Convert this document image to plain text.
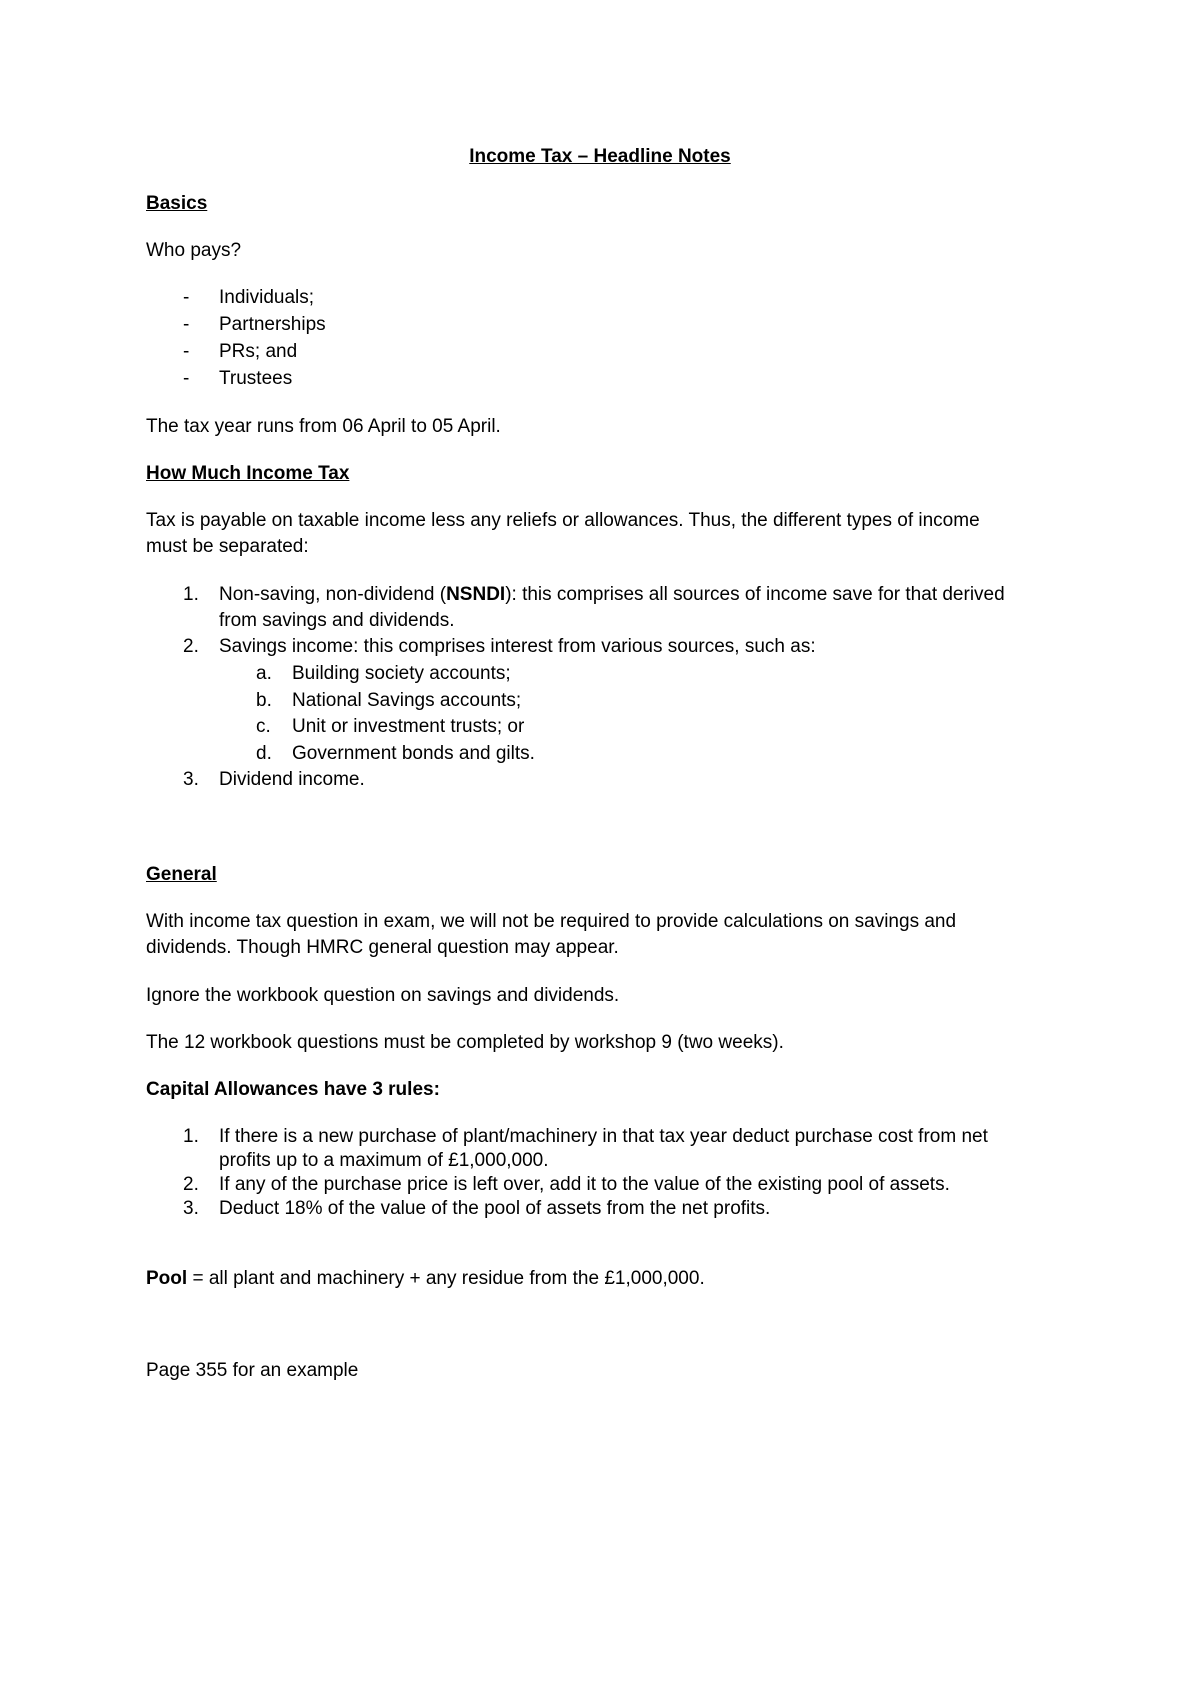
Income Tax – Headline Notes
Basics
Who pays?
- Individuals;
- Partnerships
- PRs; and
- Trustees
The tax year runs from 06 April to 05 April.
How Much Income Tax
Tax is payable on taxable income less any reliefs or allowances. Thus, the different types of income
must be separated:
1. Non-saving, non-dividend (NSNDI): this comprises all sources of income save for that derived
from savings and dividends.
2. Savings income: this comprises interest from various sources, such as:
a. Building society accounts;
b. National Savings accounts;
c. Unit or investment trusts; or
d. Government bonds and gilts.
3. Dividend income.
General
With income tax question in exam, we will not be required to provide calculations on savings and
dividends. Though HMRC general question may appear.
Ignore the workbook question on savings and dividends.
The 12 workbook questions must be completed by workshop 9 (two weeks).
Capital Allowances have 3 rules:
1. If there is a new purchase of plant/machinery in that tax year deduct purchase cost from net
profits up to a maximum of £1,000,000.
2. If any of the purchase price is left over, add it to the value of the existing pool of assets.
3. Deduct 18% of the value of the pool of assets from the net profits.
Pool = all plant and machinery + any residue from the £1,000,000.
Page 355 for an example
